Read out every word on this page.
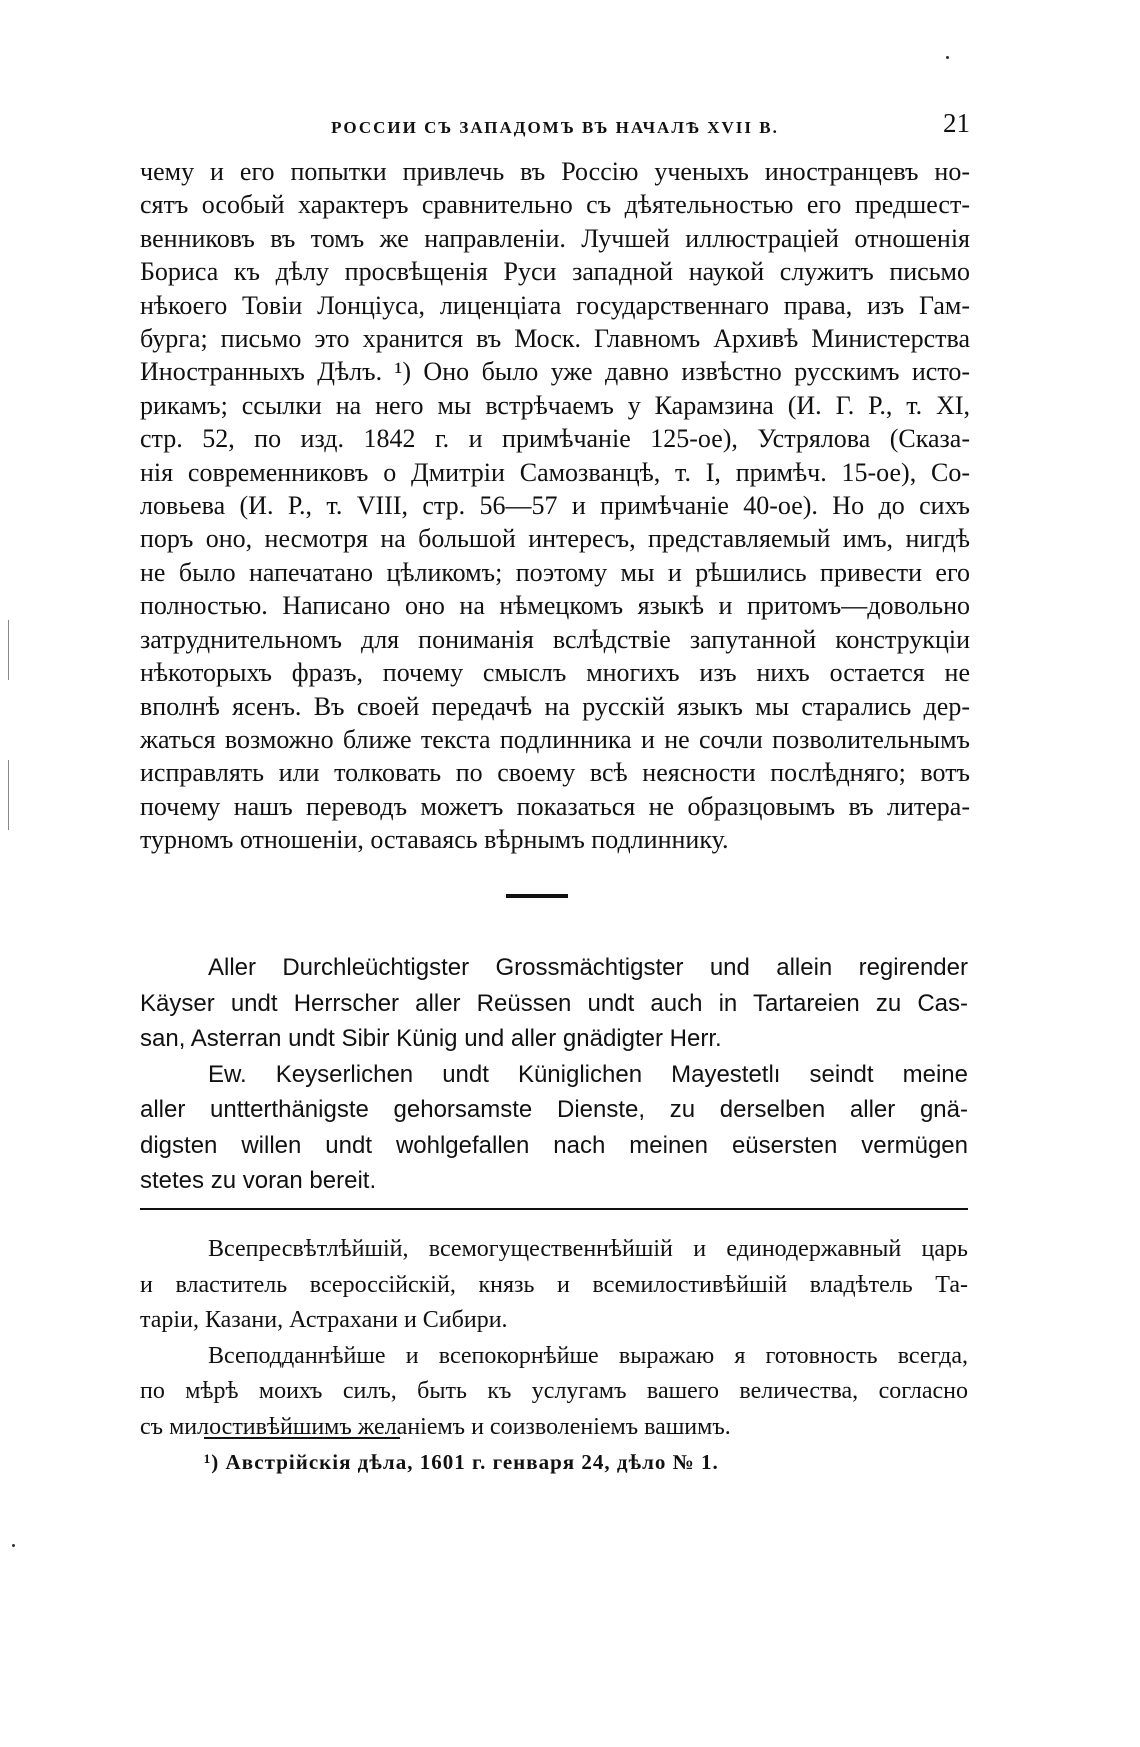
РОССИИ СЪ ЗАПАДОМЪ ВЪ НАЧАЛѢ XVII В.	21
чему и его попытки привлечь въ Россію ученыхъ иностранцевъ но-
сятъ особый характеръ сравнительно съ дѣятельностью его предшест-
венниковъ въ томъ же направленіи. Лучшей иллюстраціей отношенія
Бориса къ дѣлу просвѣщенія Руси западной наукой служитъ письмо
нѣкоего Товіи Лонціуса, лиценціата государственнаго права, изъ Гам-
бурга; письмо это хранится въ Моск. Главномъ Архивѣ Министерства
Иностранныхъ Дѣлъ. ¹) Оно было уже давно извѣстно русскимъ исто-
рикамъ; ссылки на него мы встрѣчаемъ у Карамзина (И. Г. Р., т. XI,
стр. 52, по изд. 1842 г. и примѣчаніе 125-ое), Устрялова (Сказа-
нія современниковъ о Дмитріи Самозванцѣ, т. I, примѣч. 15-ое), Со-
ловьева (И. Р., т. VIII, стр. 56—57 и примѣчаніе 40-ое). Но до сихъ
поръ оно, несмотря на большой интересъ, представляемый имъ, нигдѣ
не было напечатано цѣликомъ; поэтому мы и рѣшились привести его
полностью. Написано оно на нѣмецкомъ языкѣ и притомъ—довольно
затруднительномъ для пониманія вслѣдствіе запутанной конструкціи
нѣкоторыхъ фразъ, почему смыслъ многихъ изъ нихъ остается не
вполнѣ ясенъ. Въ своей передачѣ на русскій языкъ мы старались дер-
жаться возможно ближе текста подлинника и не сочли позволительнымъ
исправлять или толковать по своему всѣ неясности послѣдняго; вотъ
почему нашъ переводъ можетъ показаться не образцовымъ въ литера-
турномъ отношеніи, оставаясь вѣрнымъ подлиннику.
Aller Durchleüchtigster Grossmächtigster und allein regirender
Käyser undt Herrscher aller Reüssen undt auch in Tartareien zu Cas-
san, Asterran undt Sibir Künig und aller gnädigter Herr.
Ew. Keyserlichen undt Küniglichen Mayestetlı seindt meine
aller untterthänigste gehorsamste Dienste, zu derselben aller gnä-
digsten willen undt wohlgefallen nach meinen eüsersten vermügen
stetes zu voran bereit.
Всепресвѣтлѣйшій, всемогущественнѣйшій и единодержавный царь
и властитель всероссійскій, князь и всемилостивѣйшій владѣтель Та-
таріи, Казани, Астрахани и Сибири.
Всеподданнѣйше и всепокорнѣйше выражаю я готовность всегда,
по мѣрѣ моихъ силъ, быть къ услугамъ вашего величества, согласно
съ милостивѣйшимъ желаніемъ и соизволеніемъ вашимъ.
¹) Австрійскія дѣла, 1601 г. генваря 24, дѣло № 1.
